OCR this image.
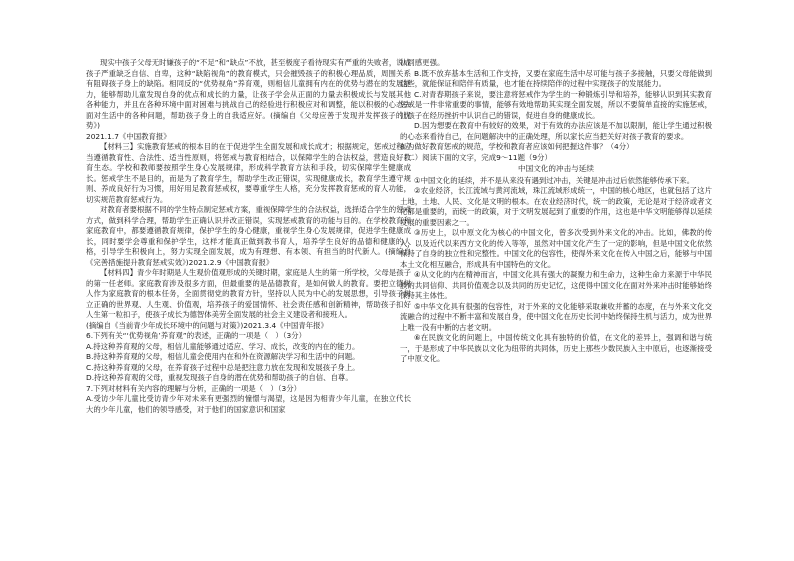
现实中孩子父母无时嫌孩子的“不足”和“缺点”不放，甚至极度子看待现实有严重的失败者，说成孩子严重缺乏自信、自卑，这种“缺陷视角”的教育模式，只会摧毁孩子的积极心理品质，周围关系有阻碍孩子身上的缺陷。相同反的“优势视角”养育观，则相信儿童拥有内在的优势与潜在的发展能力，能够帮助儿童发现自身的优点和成长的力量，让孩子学会从正面的力量去积极成长与发展其他各种能力，并且在各种环境中面对困难与挑战自己的经验进行积极应对和调整，能以积极的心态去面对生活中的各种问题，帮助孩子身上的自我适应好。(摘编自《父母应善于发现并发挥孩子的优势》)

2021.1.7《中国教育报》

【材料三】实施教育惩戒的根本目的在于促进学生全面发展和成长成才；根据规定，惩戒过程应当遵循教育性、合法性、适当性原则，将惩戒与教育相结合，以保障学生的合法权益，营造良好教育生态。学校和教师要按照学生身心发展规律，形成科学教育方法和手段，切实保障学生健康成长。惩戒学生不是目的，而是为了教育学生，帮助学生改正错误，实现健康成长，教育学生遵守规则、养成良好行为习惯，用好用足教育惩戒权，要尊重学生人格，充分发挥教育惩戒的育人功能，切实规范教育惩戒行为。

对教育者要根据不同的学生特点制定惩戒方案，重视保障学生的合法权益，选择适合学生的惩戒方式，做到科学合理，帮助学生正确认识并改正错误，实现惩戒教育的功能与目的。在学校教育和家庭教育中，都要遵循教育规律，保护学生的身心健康，重视学生身心发展规律，促进学生健康成长，同时要学会尊重和保护学生，这样才能真正做到教书育人，培养学生良好的品德和健康的人格，引导学生积极向上，努力实现全面发展，成为有理想、有本领、有担当的时代新人。(摘编自《完善措施提升教育惩戒实效》)2021.2.9《中国教育报》

【材料四】青少年时期是人生观价值观形成的关键时期，家庭是人生的第一所学校，父母是孩子的第一任老师。家庭教育涉及很多方面，但最重要的是品德教育，是如何做人的教育。要把立德树人作为家庭教育的根本任务，全面贯彻党的教育方针，坚持以人民为中心的发展思想，引导孩子树立正确的世界观、人生观、价值观，培养孩子的爱国情怀、社会责任感和创新精神，帮助孩子扣好人生第一粒扣子，使孩子成长为德智体美劳全面发展的社会主义建设者和接班人。

(摘编自《当前青少年成长环境中的问题与对策》)2021.3.4《中国青年报》

6.下列有关“‘优势视角’养育观”的表述，正确的一项是（　）（3分）

A.持这种养育观的父母，相信儿童能够通过适应、学习、成长，改变的内在的能力。

B.持这种养育观的父母，相信儿童会使用内在和外在资源解决学习和生活中的问题。

C.持这种养育观的父母，在养育孩子过程中总是把注意力放在发现和发展孩子身上。

D.持这种养育观的父母，重视发现孩子自身的潜在优势和帮助孩子的自信、自尊。

7.下列对材料有关内容的理解与分析，正确的一项是（　）（3分）

A.受访少年儿童比受访青少年对未来有更强烈的憧憬与渴望，这是因为相青少年儿童，在独立代长大的少年儿童，他们的领导感受，对于他们的国家意识和国家

认同感更强。

B.既不放弃基本生活和工作支持，又要在家庭生活中尽可能与孩子多接触，只要父母能做到这些，就能保证和陪伴有质量，也才能在持续陪伴的过程中实现孩子的发展能力。

C.对青春期孩子来说，要注意将惩戒作为学生的一种锻炼引导和培养，能够认识到其实教育惩戒是一件非常重要的事情，能够有效地帮助其实现全面发展，所以不要简单直接的实施惩戒，让孩子在经历挫折中认识自己的错误，促进自身的健康成长。

D.因为想要在教育中有较好的效果，对于有效的办法应该是不加以限制，能让学生通过积极的心态来看待自己，在问题解决中的正确处理，所以家长应当把关好对孩子教育的要求。

8.为做好教育惩戒的规范，学校和教育者应该如何把握这件事？（4分）

（二）阅读下面的文字，完成9～11题（9分）

中国文化的冲击与延续

①中国文化的延续，并不是从来没有遇到过冲击，关键是冲击过后依然能够传承下来。

②农业经济，长江流域与黄河流域，珠江流域形成统一，中国的核心地区，也就包括了这片土地，土地、人民、文化是文明的根本。在农业经济时代，统一的政策，无论是对于经济或者文化都是重要的，而统一的政策，对于文明发展起到了重要的作用，这也是中华文明能够得以延续发展的重要因素之一。

③历史上，以中原文化为核心的中国文化，曾多次受到外来文化的冲击。比如，佛教的传入，以及近代以来西方文化的传入等等，虽然对中国文化产生了一定的影响，但是中国文化依然保持了自身的独立性和完整性。中国文化的包容性，使得外来文化在传入中国之后，能够与中国本土文化相互融合，形成具有中国特色的文化。

④从文化的内在精神而言，中国文化具有强大的凝聚力和生命力，这种生命力来源于中华民族的共同信仰、共同价值观念以及共同的历史记忆，这使得中国文化在面对外来冲击时能够始终保持其主体性。

⑤中华文化具有很强的包容性，对于外来的文化能够采取兼收并蓄的态度，在与外来文化交流融合的过程中不断丰富和发展自身，使中国文化在历史长河中始终保持生机与活力，成为世界上唯一没有中断的古老文明。

⑥在民族文化的问题上，中国传统文化具有独特的价值，在文化的差异上，强调和谐与统一，于是形成了中华民族以文化为纽带的共同体，历史上那些少数民族入主中原后，也逐渐接受了中原文化。
